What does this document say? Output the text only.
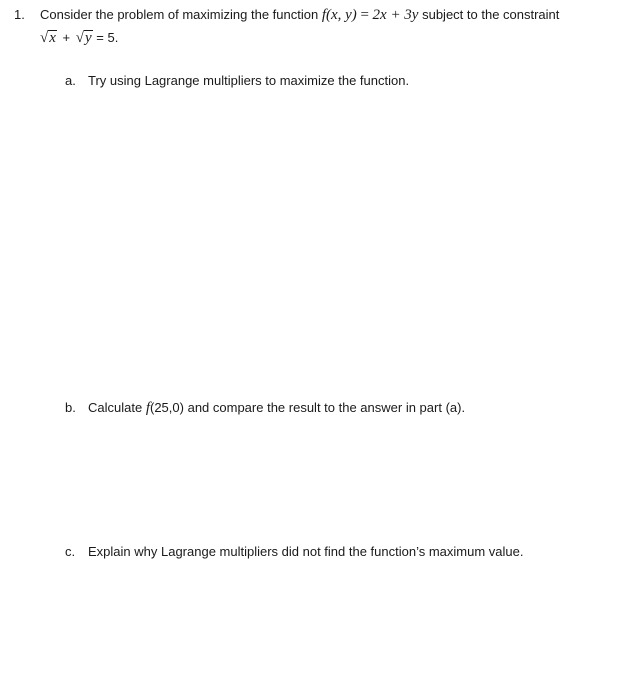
1. Consider the problem of maximizing the function f(x, y) = 2x + 3y subject to the constraint
√x + √y = 5.
a. Try using Lagrange multipliers to maximize the function.
b. Calculate f(25,0) and compare the result to the answer in part (a).
c. Explain why Lagrange multipliers did not find the function’s maximum value.
